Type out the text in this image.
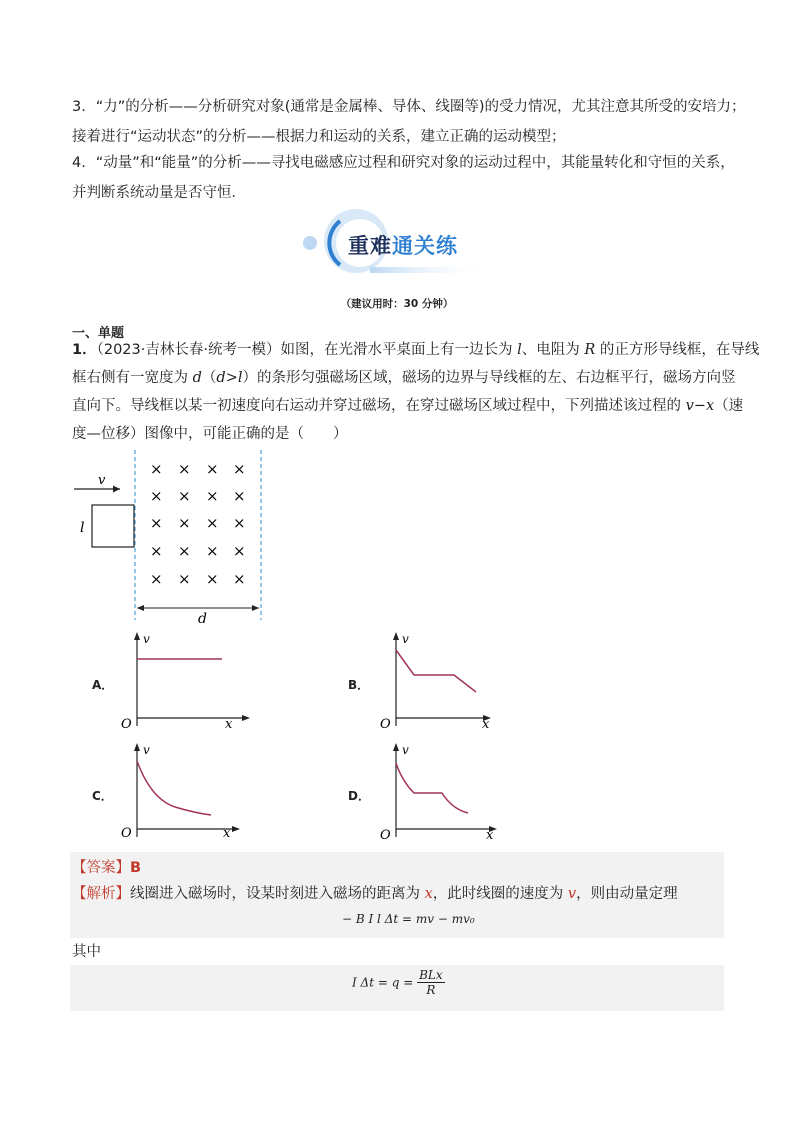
3．“力”的分析——分析研究对象(通常是金属棒、导体、线圈等)的受力情况，尤其注意其所受的安培力；
接着进行“运动状态”的分析——根据力和运动的关系，建立正确的运动模型；
4．“动量”和“能量”的分析——寻找电磁感应过程和研究对象的运动过程中，其能量转化和守恒的关系，
并判断系统动量是否守恒．
重难通关练
（建议用时：30 分钟）
一、单题
1．（2023·吉林长春·统考一模）如图，在光滑水平桌面上有一边长为 l、电阻为 R 的正方形导线框，在导线
框右侧有一宽度为 d（d>l）的条形匀强磁场区域，磁场的边界与导线框的左、右边框平行，磁场方向竖
直向下。导线框以某一初速度向右运动并穿过磁场，在穿过磁场区域过程中，下列描述该过程的 v−x（速
度—位移）图像中，可能正确的是（　　）
× × × ×
× × × ×
× × × ×
× × × ×
× × × ×
v
l
d
A．
v
x
O
B．
v
x
O
C．
v
x
O
D．
v
x
O
【答案】B
【解析】线圈进入磁场时，设某时刻进入磁场的距离为 x，此时线圈的速度为 v，则由动量定理
− B I l Δt = mv − mv₀
其中
I $\Delta t = q = \frac{\text{BLx}}{R}$
